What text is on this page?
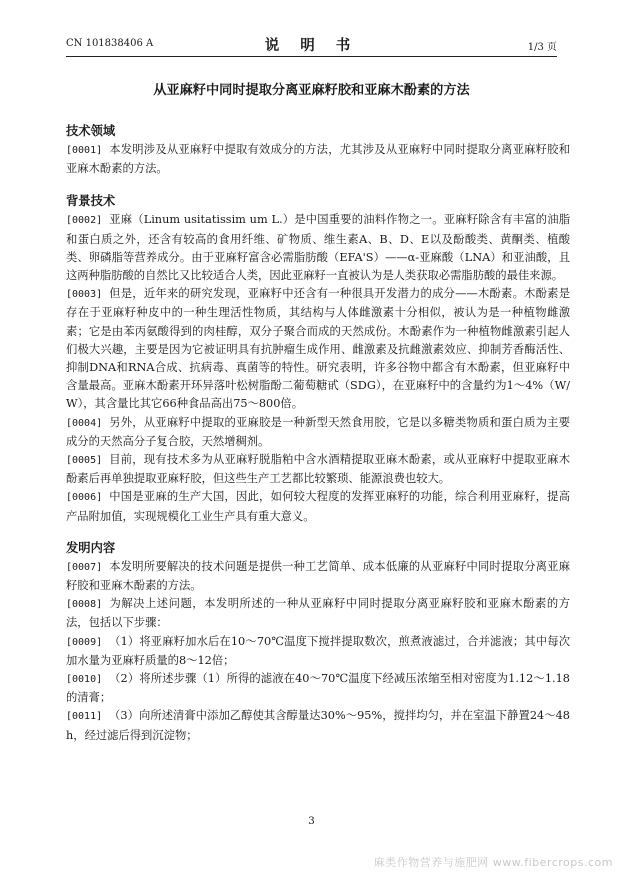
CN 101838406 A	说 明 书	1/3 页
从亚麻籽中同时提取分离亚麻籽胶和亚麻木酚素的方法
技术领域

[0001] 本发明涉及从亚麻籽中提取有效成分的方法，尤其涉及从亚麻籽中同时提取分离亚麻籽胶和亚麻木酚素的方法。

背景技术

[0002] 亚麻（Linum usitatissim um L.）是中国重要的油料作物之一。亚麻籽除含有丰富的油脂和蛋白质之外，还含有较高的食用纤维、矿物质、维生素A、B、D、E以及酚酸类、黄酮类、植酸类、卵磷脂等营养成分。由于亚麻籽富含必需脂肪酸（EFA'S）——α-亚麻酸（LNA）和亚油酸，且这两种脂肪酸的自然比又比较适合人类，因此亚麻籽一直被认为是人类获取必需脂肪酸的最佳来源。

[0003] 但是，近年来的研究发现，亚麻籽中还含有一种很具开发潜力的成分——木酚素。木酚素是存在于亚麻籽种皮中的一种生理活性物质，其结构与人体雌激素十分相似，被认为是一种植物雌激素；它是由苯丙氨酸得到的肉桂醇，双分子聚合而成的天然成份。木酚素作为一种植物雌激素引起人们极大兴趣，主要是因为它被证明具有抗肿瘤生成作用、雌激素及抗雌激素效应、抑制芳香酶活性、抑制DNA和RNA合成、抗病毒、真菌等的特性。研究表明，许多谷物中都含有木酚素，但亚麻籽中含量最高。亚麻木酚素开环异落叶松树脂酚二葡萄糖甙（SDG），在亚麻籽中的含量约为1～4%（W/W），其含量比其它66种食品高出75～800倍。

[0004] 另外，从亚麻籽中提取的亚麻胶是一种新型天然食用胶，它是以多糖类物质和蛋白质为主要成分的天然高分子复合胶，天然增稠剂。

[0005] 目前，现有技术多为从亚麻籽脱脂粕中含水酒精提取亚麻木酚素，或从亚麻籽中提取亚麻木酚素后再单独提取亚麻籽胶，但这些生产工艺都比较繁琐、能源浪费也较大。

[0006] 中国是亚麻的生产大国，因此，如何较大程度的发挥亚麻籽的功能，综合利用亚麻籽，提高产品附加值，实现规模化工业生产具有重大意义。

发明内容

[0007] 本发明所要解决的技术问题是提供一种工艺简单、成本低廉的从亚麻籽中同时提取分离亚麻籽胶和亚麻木酚素的方法。

[0008] 为解决上述问题，本发明所述的一种从亚麻籽中同时提取分离亚麻籽胶和亚麻木酚素的方法，包括以下步骤：

[0009] （1）将亚麻籽加水后在10～70℃温度下搅拌提取数次，煎煮液滤过，合并滤液；其中每次加水量为亚麻籽质量的8～12倍；

[0010] （2）将所述步骤（1）所得的滤液在40～70℃温度下经减压浓缩至相对密度为1.12～1.18的清膏；

[0011] （3）向所述清膏中添加乙醇使其含醇量达30%～95%，搅拌均匀，并在室温下静置24～48h，经过滤后得到沉淀物；

3
麻类作物营养与施肥网 www.fibercrops.com
